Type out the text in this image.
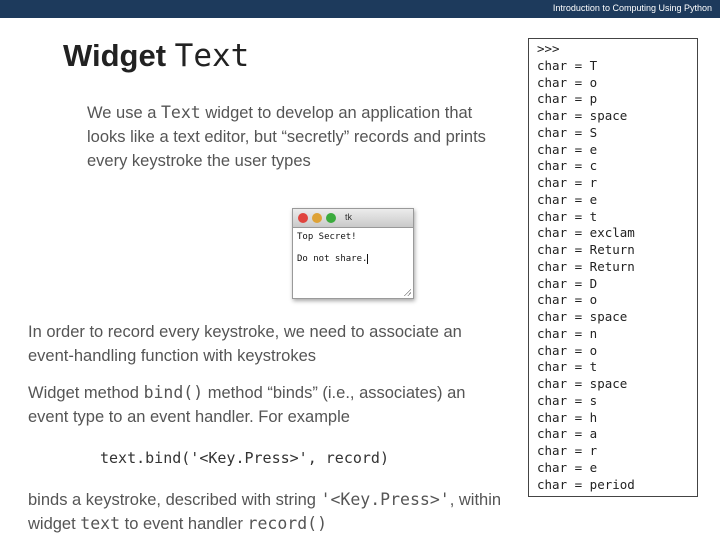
Introduction to Computing Using Python
Widget Text
We use a Text widget to develop an application that looks like a text editor, but “secretly” records and prints every keystroke the user types
tk
Top Secret!
Do not share.
In order to record every keystroke, we need to associate an event-handling function with keystrokes
Widget method bind() method “binds” (i.e., associates) an event type to an event handler. For example
text.bind('<Key.Press>', record)
binds a keystroke, described with string '<Key.Press>', within widget text to event handler record()
>>>
char = T
char = o
char = p
char = space
char = S
char = e
char = c
char = r
char = e
char = t
char = exclam
char = Return
char = Return
char = D
char = o
char = space
char = n
char = o
char = t
char = space
char = s
char = h
char = a
char = r
char = e
char = period
